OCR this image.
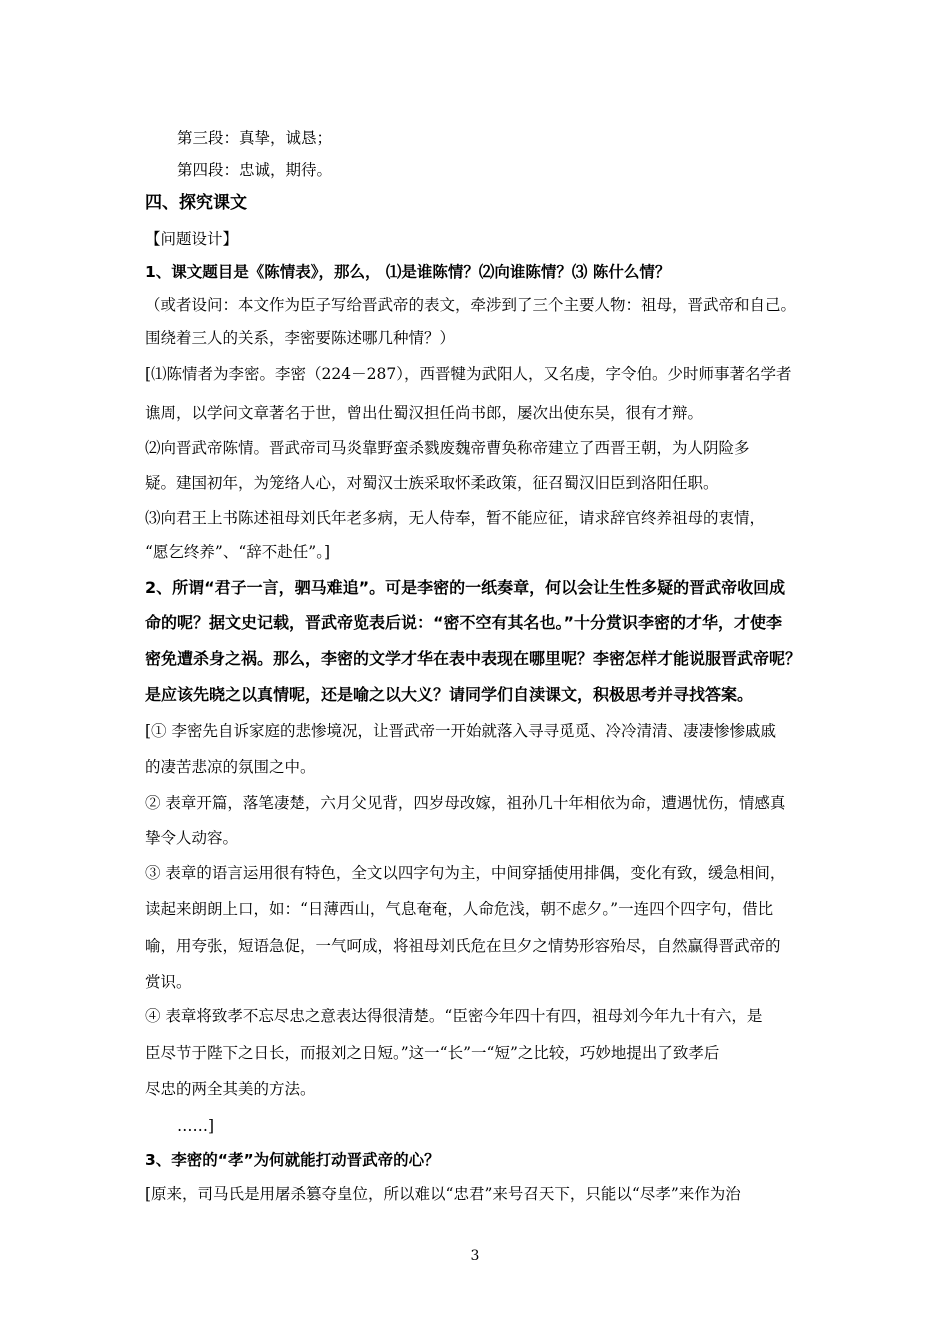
第三段：真挚，诚恳；
第四段：忠诚，期待。
四、探究课文
【问题设计】
1、课文题目是《陈情表》，那么， ⑴是谁陈情？⑵向谁陈情？⑶ 陈什么情？
（或者设问：本文作为臣子写给晋武帝的表文，牵涉到了三个主要人物：祖母，晋武帝和自己。
围绕着三人的关系，李密要陈述哪几种情？）
[⑴陈情者为李密。李密（224－287），西晋犍为武阳人，又名虔，字令伯。少时师事著名学者
谯周，以学问文章著名于世，曾出仕蜀汉担任尚书郎，屡次出使东吴，很有才辩。
⑵向晋武帝陈情。晋武帝司马炎靠野蛮杀戮废魏帝曹奂称帝建立了西晋王朝，为人阴险多
疑。建国初年，为笼络人心，对蜀汉士族采取怀柔政策，征召蜀汉旧臣到洛阳任职。
⑶向君王上书陈述祖母刘氏年老多病，无人侍奉，暂不能应征，请求辞官终养祖母的衷情，
“愿乞终养”、“辞不赴任”。]
2、所谓“君子一言，驷马难追”。可是李密的一纸奏章，何以会让生性多疑的晋武帝收回成
命的呢？据文史记载，晋武帝览表后说：“密不空有其名也。”十分赏识李密的才华，才使李
密免遭杀身之祸。那么，李密的文学才华在表中表现在哪里呢？李密怎样才能说服晋武帝呢？
是应该先晓之以真情呢，还是喻之以大义？请同学们自渎课文，积极思考并寻找答案。
[① 李密先自诉家庭的悲惨境况，让晋武帝一开始就落入寻寻觅觅、冷冷清清、凄凄惨惨戚戚
的凄苦悲凉的氛围之中。
② 表章开篇，落笔凄楚，六月父见背，四岁母改嫁，祖孙几十年相依为命，遭遇忧伤，情感真
挚令人动容。
③ 表章的语言运用很有特色，全文以四字句为主，中间穿插使用排偶，变化有致，缓急相间，
读起来朗朗上口，如：“日薄西山，气息奄奄，人命危浅，朝不虑夕。”一连四个四字句，借比
喻，用夸张，短语急促，一气呵成，将祖母刘氏危在旦夕之情势形容殆尽，自然赢得晋武帝的
赏识。
④ 表章将致孝不忘尽忠之意表达得很清楚。“臣密今年四十有四，祖母刘今年九十有六，是
臣尽节于陛下之日长，而报刘之日短。”这一“长”一“短”之比较，巧妙地提出了致孝后
尽忠的两全其美的方法。
……]
3、李密的“孝”为何就能打动晋武帝的心？
[原来，司马氏是用屠杀篡夺皇位，所以难以“忠君”来号召天下，只能以“尽孝”来作为治
3
